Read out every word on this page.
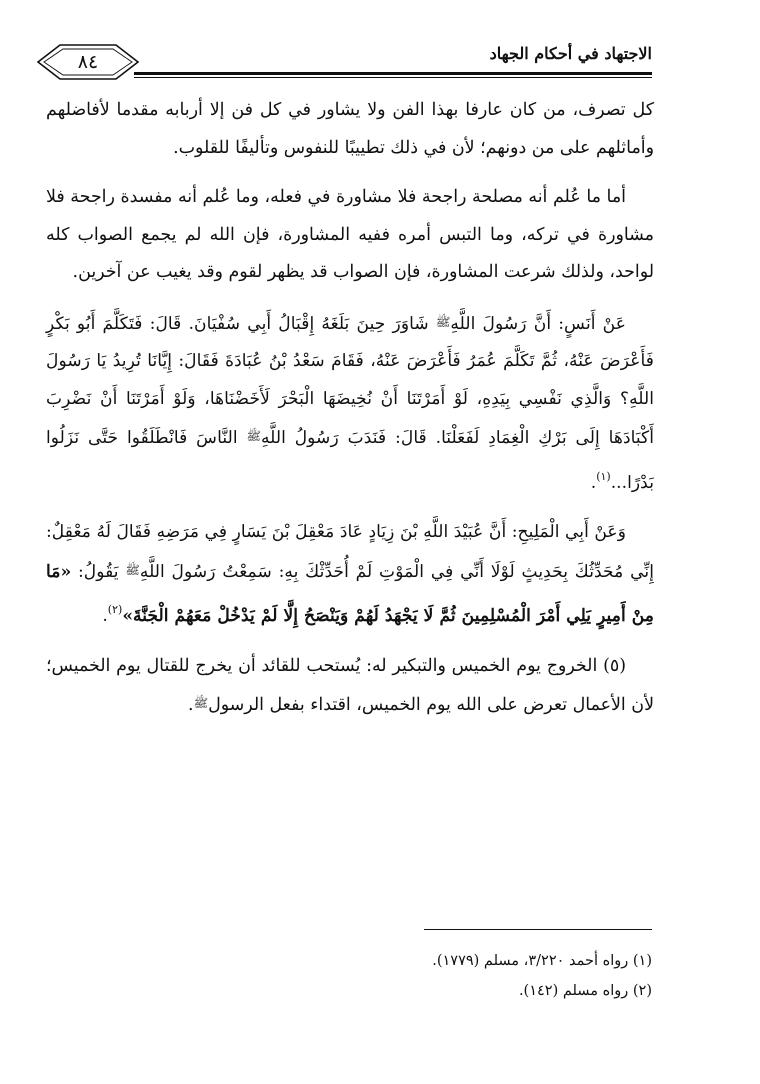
الاجتهاد في أحكام الجهاد
٨٤

كل تصرف، من كان عارفا بهذا الفن ولا يشاور في كل فن إلا أربابه مقدما لأفاضلهم وأماثلهم على من دونهم؛ لأن في ذلك تطييبًا للنفوس وتأليفًا للقلوب.

أما ما عُلم أنه مصلحة راجحة فلا مشاورة في فعله، وما عُلم أنه مفسدة راجحة فلا مشاورة في تركه، وما التبس أمره ففيه المشاورة، فإن الله لم يجمع الصواب كله لواحد، ولذلك شرعت المشاورة، فإن الصواب قد يظهر لقوم وقد يغيب عن آخرين.

عَنْ أَنَسٍ: أَنَّ رَسُولَ اللَّهِﷺ شَاوَرَ حِينَ بَلَغَهُ إِقْبَالُ أَبِي سُفْيَانَ. قَالَ: فَتَكَلَّمَ أَبُو بَكْرٍ فَأَعْرَضَ عَنْهُ، ثُمَّ تَكَلَّمَ عُمَرُ فَأَعْرَضَ عَنْهُ، فَقَامَ سَعْدُ بْنُ عُبَادَةَ فَقَالَ: إِيَّانَا تُرِيدُ يَا رَسُولَ اللَّهِ؟ وَالَّذِي نَفْسِي بِيَدِهِ، لَوْ أَمَرْتَنَا أَنْ نُخِيضَهَا الْبَحْرَ لَأَخَضْنَاهَا، وَلَوْ أَمَرْتَنَا أَنْ نَضْرِبَ أَكْبَادَهَا إِلَى بَرْكِ الْغِمَادِ لَفَعَلْنَا. قَالَ: فَنَدَبَ رَسُولُ اللَّهِﷺ النَّاسَ فَانْطَلَقُوا حَتَّى نَزَلُوا بَدْرًا...$^{(١)}$.

وَعَنْ أَبِي الْمَلِيحِ: أَنَّ عُبَيْدَ اللَّهِ بْنَ زِيَادٍ عَادَ مَعْقِلَ بْنَ يَسَارٍ فِي مَرَضِهِ فَقَالَ لَهُ مَعْقِلٌ: إِنِّي مُحَدِّثُكَ بِحَدِيثٍ لَوْلَا أَنِّي فِي الْمَوْتِ لَمْ أُحَدِّثْكَ بِهِ: سَمِعْتُ رَسُولَ اللَّهِﷺ يَقُولُ: «مَا مِنْ أَمِيرٍ يَلِي أَمْرَ الْمُسْلِمِينَ ثُمَّ لَا يَجْهَدُ لَهُمْ وَيَنْصَحُ إِلَّا لَمْ يَدْخُلْ مَعَهُمْ الْجَنَّةَ»$^{(٢)}$.

(٥) الخروج يوم الخميس والتبكير له: يُستحب للقائد أن يخرج للقتال يوم الخميس؛ لأن الأعمال تعرض على الله يوم الخميس، اقتداء بفعل الرسولﷺ.

(١) رواه أحمد ٣/٢٢٠، مسلم (١٧٧٩).
(٢) رواه مسلم (١٤٢).
